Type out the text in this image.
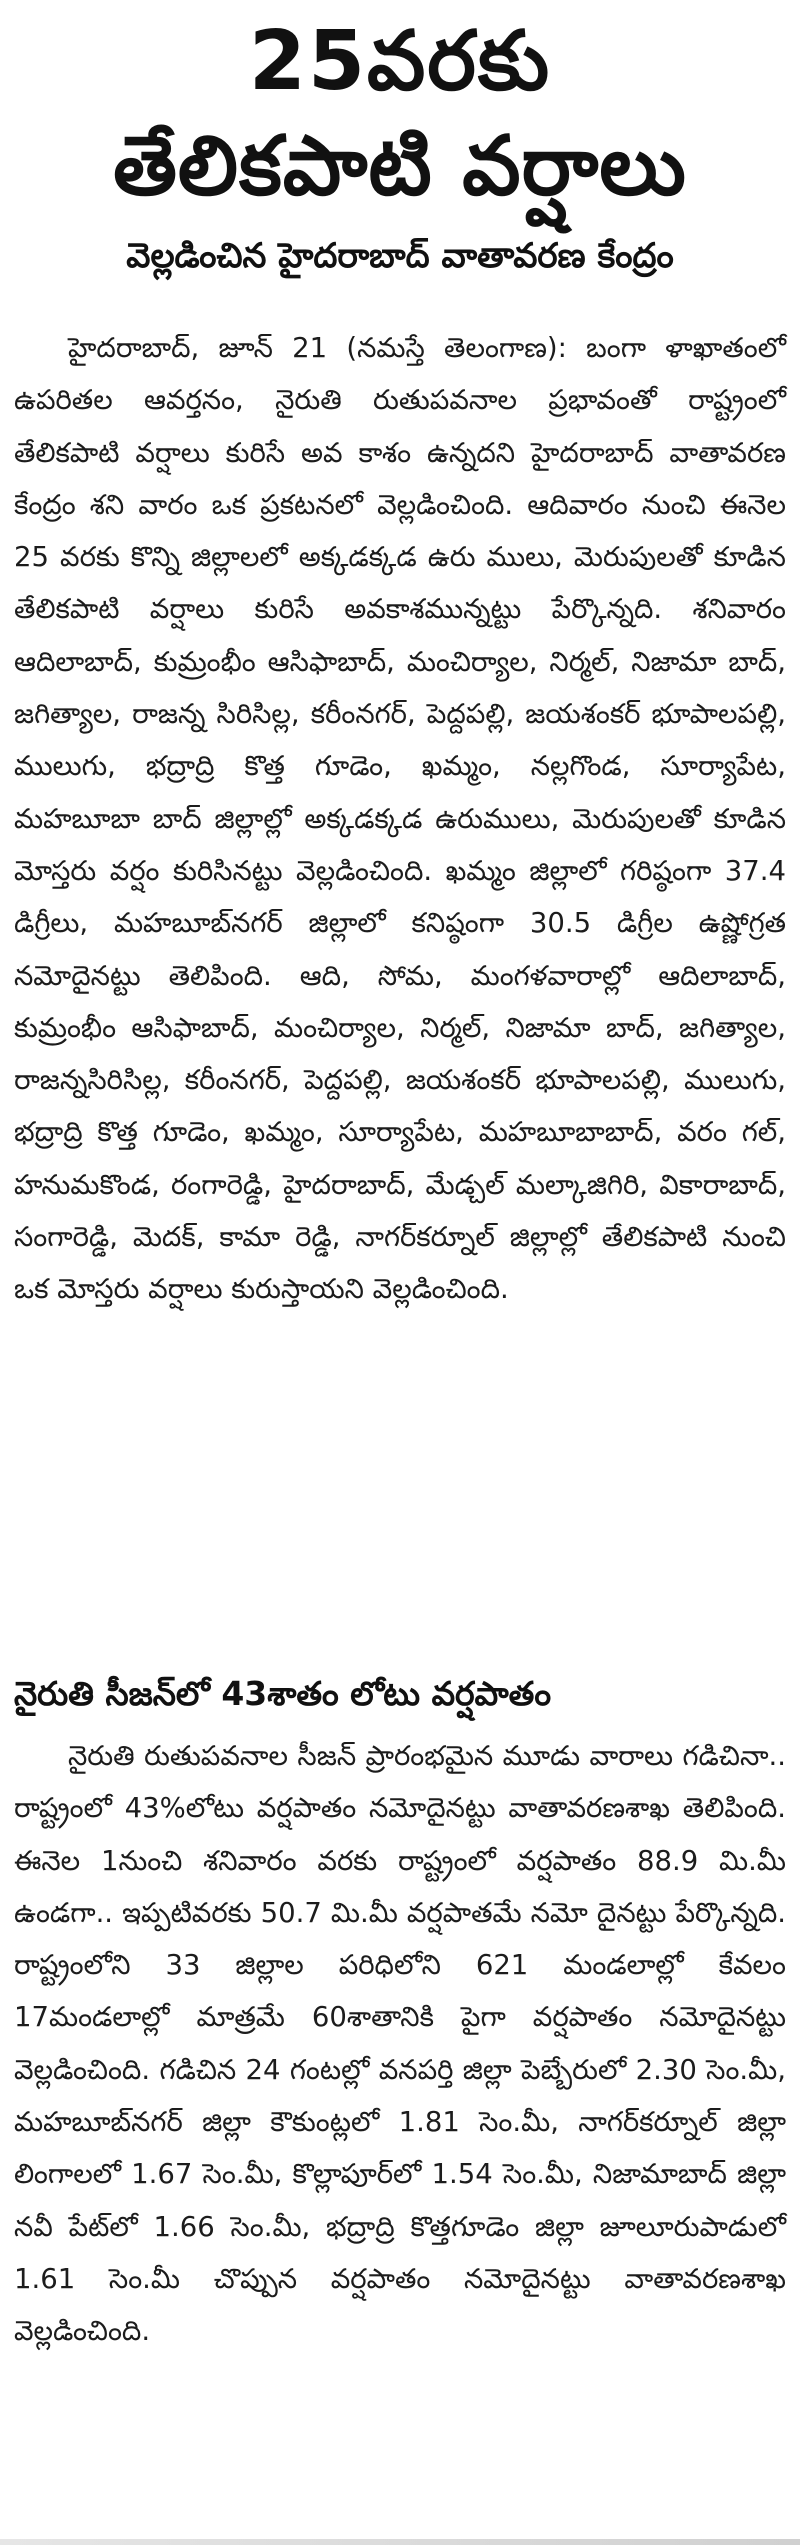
25వరకు
తేలికపాటి వర్షాలు
వెల్లడించిన హైదరాబాద్ వాతావరణ కేంద్రం

హైదరాబాద్, జూన్ 21 (నమస్తే తెలంగాణ): బంగా ళాఖాతంలో ఉపరితల ఆవర్తనం, నైరుతి రుతుపవనాల ప్రభావంతో రాష్ట్రంలో తేలికపాటి వర్షాలు కురిసే అవ కాశం ఉన్నదని హైదరాబాద్ వాతావరణ కేంద్రం శని వారం ఒక ప్రకటనలో వెల్లడించింది. ఆదివారం నుంచి ఈనెల 25 వరకు కొన్ని జిల్లాలలో అక్కడక్కడ ఉరు ములు, మెరుపులతో కూడిన తేలికపాటి వర్షాలు కురిసే అవకాశమున్నట్టు పేర్కొన్నది. శనివారం ఆదిలాబాద్, కుమ్రంభీం ఆసిఫాబాద్, మంచిర్యాల, నిర్మల్, నిజామా బాద్, జగిత్యాల, రాజన్న సిరిసిల్ల, కరీంనగర్, పెద్దపల్లి, జయశంకర్ భూపాలపల్లి, ములుగు, భద్రాద్రి కొత్త గూడెం, ఖమ్మం, నల్లగొండ, సూర్యాపేట, మహబూబా బాద్ జిల్లాల్లో అక్కడక్కడ ఉరుములు, మెరుపులతో కూడిన మోస్తరు వర్షం కురిసినట్టు వెల్లడించింది. ఖమ్మం జిల్లాలో గరిష్ఠంగా 37.4 డిగ్రీలు, మహబూబ్‌నగర్ జిల్లాలో కనిష్ఠంగా 30.5 డిగ్రీల ఉష్ణోగ్రత నమోదైనట్టు తెలిపింది. ఆది, సోమ, మంగళవారాల్లో ఆదిలాబాద్, కుమ్రంభీం ఆసిఫాబాద్, మంచిర్యాల, నిర్మల్, నిజామా బాద్, జగిత్యాల, రాజన్నసిరిసిల్ల, కరీంనగర్, పెద్దపల్లి, జయశంకర్ భూపాలపల్లి, ములుగు, భద్రాద్రి కొత్త గూడెం, ఖమ్మం, సూర్యాపేట, మహబూబాబాద్, వరం గల్, హనుమకొండ, రంగారెడ్డి, హైదరాబాద్, మేడ్చల్ మల్కాజిగిరి, వికారాబాద్, సంగారెడ్డి, మెదక్, కామా రెడ్డి, నాగర్‌కర్నూల్ జిల్లాల్లో తేలికపాటి నుంచి ఒక మోస్తరు వర్షాలు కురుస్తాయని వెల్లడించింది.

నైరుతి సీజన్‌లో 43శాతం లోటు వర్షపాతం

నైరుతి రుతుపవనాల సీజన్ ప్రారంభమైన మూడు వారాలు గడిచినా.. రాష్ట్రంలో 43%లోటు వర్షపాతం నమోదైనట్టు వాతావరణశాఖ తెలిపింది. ఈనెల 1నుంచి శనివారం వరకు రాష్ట్రంలో వర్షపాతం 88.9 మి.మీ ఉండగా.. ఇప్పటివరకు 50.7 మి.మీ వర్షపాతమే నమో దైనట్టు పేర్కొన్నది. రాష్ట్రంలోని 33 జిల్లాల పరిధిలోని 621 మండలాల్లో కేవలం 17మండలాల్లో మాత్రమే 60శాతానికి పైగా వర్షపాతం నమోదైనట్టు వెల్లడించింది. గడిచిన 24 గంటల్లో వనపర్తి జిల్లా పెబ్బేరులో 2.30 సెం.మీ, మహబూబ్‌నగర్ జిల్లా కౌకుంట్లలో 1.81 సెం.మీ, నాగర్‌కర్నూల్ జిల్లా లింగాలలో 1.67 సెం.మీ, కొల్లాపూర్‌లో 1.54 సెం.మీ, నిజామాబాద్ జిల్లా నవీ పేట్‌లో 1.66 సెం.మీ, భద్రాద్రి కొత్తగూడెం జిల్లా జూలూరుపాడులో 1.61 సెం.మీ చొప్పున వర్షపాతం నమోదైనట్టు వాతావరణశాఖ వెల్లడించింది.
